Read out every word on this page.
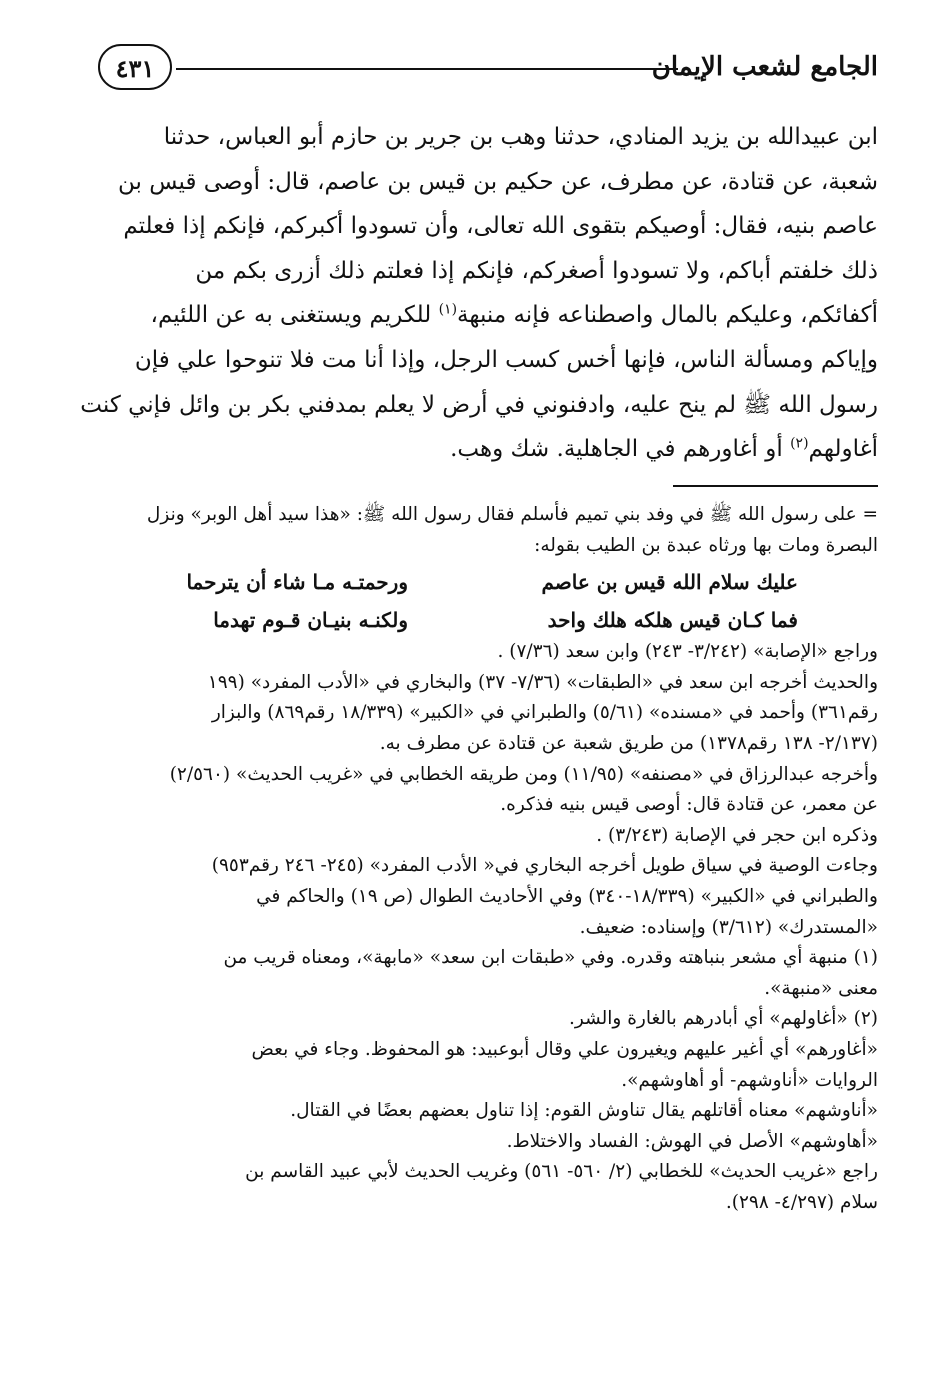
الجامع لشعب الإيمان
٤٣١
ابن عبيدالله بن يزيد المنادي، حدثنا وهب بن جرير بن حازم أبو العباس، حدثنا
شعبة، عن قتادة، عن مطرف، عن حكيم بن قيس بن عاصم، قال: أوصى قيس بن
عاصم بنيه، فقال: أوصيكم بتقوى الله تعالى، وأن تسودوا أكبركم، فإنكم إذا فعلتم
ذلك خلفتم أباكم، ولا تسودوا أصغركم، فإنكم إذا فعلتم ذلك أزرى بكم من
أكفائكم، وعليكم بالمال واصطناعه فإنه منبهة$^{(١)}$ للكريم ويستغنى به عن اللئيم،
وإياكم ومسألة الناس، فإنها أخس كسب الرجل، وإذا أنا مت فلا تنوحوا علي فإن
رسول الله ﷺ لم ينح عليه، وادفنوني في أرض لا يعلم بمدفني بكر بن وائل فإني كنت
أغاولهم$^{(٢)}$ أو أغاورهم في الجاهلية. شك وهب.
= على رسول الله ﷺ في وفد بني تميم فأسلم فقال رسول الله ﷺ: «هذا سيد أهل الوبر» ونزل
البصرة ومات بها ورثاه عبدة بن الطيب بقوله:
عليك سلام الله قيس بن عاصم
ورحمتـه مـا شاء أن يترحما
فما كـان قيس هلكه هلك واحد
ولكنـه بنيـان قـوم تهدما
وراجع «الإصابة» (٣/٢٤٢- ٢٤٣) وابن سعد (٧/٣٦) .
والحديث أخرجه ابن سعد في «الطبقات» (٧/٣٦- ٣٧) والبخاري في «الأدب المفرد» (١٩٩
رقم٣٦١) وأحمد في «مسنده» (٥/٦١) والطبراني في «الكبير» (١٨/٣٣٩ رقم٨٦٩) والبزار
(٢/١٣٧- ١٣٨ رقم١٣٧٨) من طريق شعبة عن قتادة عن مطرف به.
وأخرجه عبدالرزاق في «مصنفه» (١١/٩٥) ومن طريقه الخطابي في «غريب الحديث» (٢/٥٦٠)
عن معمر، عن قتادة قال: أوصى قيس بنيه فذكره.
وذكره ابن حجر في الإصابة (٣/٢٤٣) .
وجاءت الوصية في سياق طويل أخرجه البخاري في« الأدب المفرد» (٢٤٥- ٢٤٦ رقم٩٥٣)
والطبراني في «الكبير» (١٨/٣٣٩-٣٤٠) وفي الأحاديث الطوال (ص ١٩) والحاكم في
«المستدرك» (٣/٦١٢) وإسناده: ضعيف.
(١) منبهة أي مشعر بنباهته وقدره. وفي «طبقات ابن سعد» «مابهة»، ومعناه قريب من
معنى «منبهة».
(٢) «أغاولهم» أي أبادرهم بالغارة والشر.
«أغاورهم» أي أغير عليهم ويغيرون علي وقال أبوعبيد: هو المحفوظ. وجاء في بعض
الروايات «أناوشهم- أو أهاوشهم».
«أناوشهم» معناه أقاتلهم يقال تناوش القوم: إذا تناول بعضهم بعضًا في القتال.
«أهاوشهم» الأصل في الهوش: الفساد والاختلاط.
راجع «غريب الحديث» للخطابي (٢/ ٥٦٠- ٥٦١) وغريب الحديث لأبي عبيد القاسم بن
سلام (٤/٢٩٧- ٢٩٨).
